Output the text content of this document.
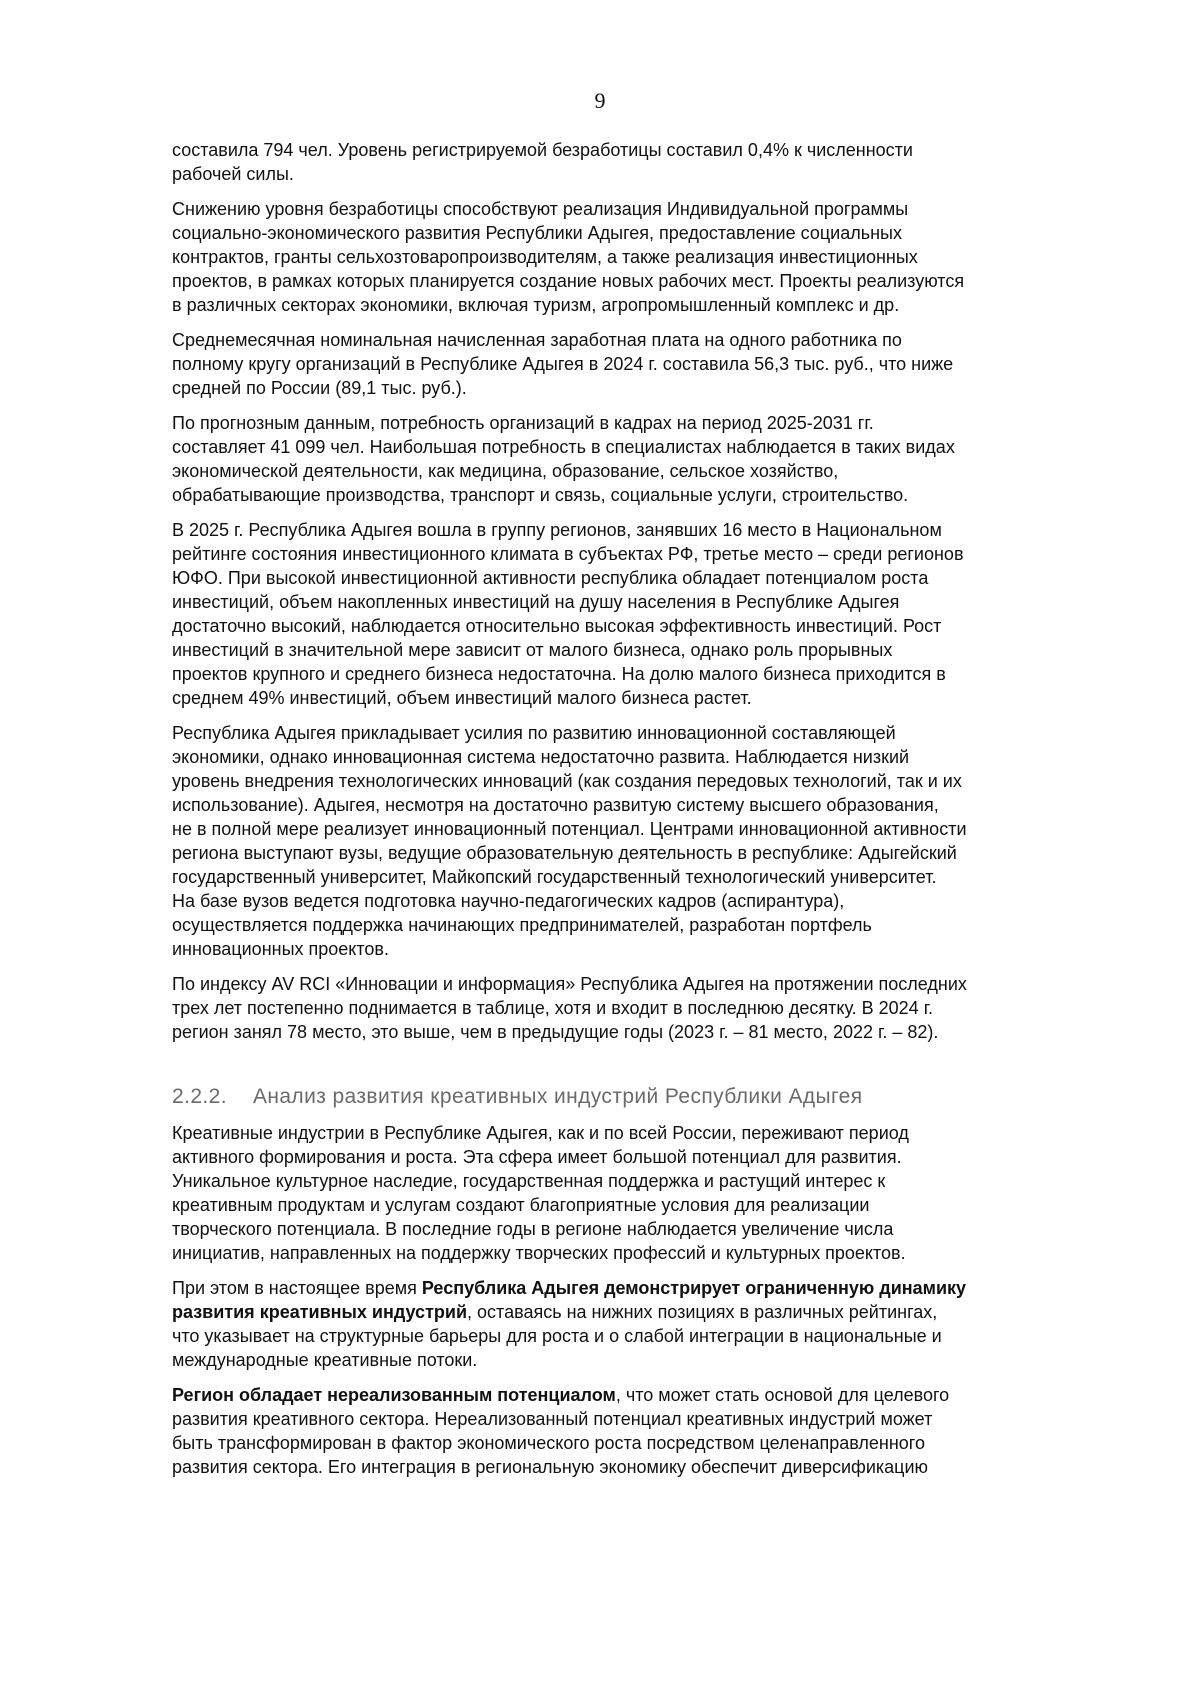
9

составила 794 чел. Уровень регистрируемой безработицы составил 0,4% к численности
рабочей силы.

Снижению уровня безработицы способствуют реализация Индивидуальной программы
социально-экономического развития Республики Адыгея, предоставление социальных
контрактов, гранты сельхозтоваропроизводителям, а также реализация инвестиционных
проектов, в рамках которых планируется создание новых рабочих мест. Проекты реализуются
в различных секторах экономики, включая туризм, агропромышленный комплекс и др.

Среднемесячная номинальная начисленная заработная плата на одного работника по
полному кругу организаций в Республике Адыгея в 2024 г. составила 56,3 тыс. руб., что ниже
средней по России (89,1 тыс. руб.).

По прогнозным данным, потребность организаций в кадрах на период 2025-2031 гг.
составляет 41 099 чел. Наибольшая потребность в специалистах наблюдается в таких видах
экономической деятельности, как медицина, образование, сельское хозяйство,
обрабатывающие производства, транспорт и связь, социальные услуги, строительство.

В 2025 г. Республика Адыгея вошла в группу регионов, занявших 16 место в Национальном
рейтинге состояния инвестиционного климата в субъектах РФ, третье место – среди регионов
ЮФО. При высокой инвестиционной активности республика обладает потенциалом роста
инвестиций, объем накопленных инвестиций на душу населения в Республике Адыгея
достаточно высокий, наблюдается относительно высокая эффективность инвестиций. Рост
инвестиций в значительной мере зависит от малого бизнеса, однако роль прорывных
проектов крупного и среднего бизнеса недостаточна. На долю малого бизнеса приходится в
среднем 49% инвестиций, объем инвестиций малого бизнеса растет.

Республика Адыгея прикладывает усилия по развитию инновационной составляющей
экономики, однако инновационная система недостаточно развита. Наблюдается низкий
уровень внедрения технологических инноваций (как создания передовых технологий, так и их
использование). Адыгея, несмотря на достаточно развитую систему высшего образования,
не в полной мере реализует инновационный потенциал. Центрами инновационной активности
региона выступают вузы, ведущие образовательную деятельность в республике: Адыгейский
государственный университет, Майкопский государственный технологический университет.
На базе вузов ведется подготовка научно-педагогических кадров (аспирантура),
осуществляется поддержка начинающих предпринимателей, разработан портфель
инновационных проектов.

По индексу AV RCI «Инновации и информация» Республика Адыгея на протяжении последних
трех лет постепенно поднимается в таблице, хотя и входит в последнюю десятку. В 2024 г.
регион занял 78 место, это выше, чем в предыдущие годы (2023 г. – 81 место, 2022 г. – 82).

2.2.2. Анализ развития креативных индустрий Республики Адыгея

Креативные индустрии в Республике Адыгея, как и по всей России, переживают период
активного формирования и роста. Эта сфера имеет большой потенциал для развития.
Уникальное культурное наследие, государственная поддержка и растущий интерес к
креативным продуктам и услугам создают благоприятные условия для реализации
творческого потенциала. В последние годы в регионе наблюдается увеличение числа
инициатив, направленных на поддержку творческих профессий и культурных проектов.

При этом в настоящее время Республика Адыгея демонстрирует ограниченную динамику
развития креативных индустрий, оставаясь на нижних позициях в различных рейтингах,
что указывает на структурные барьеры для роста и о слабой интеграции в национальные и
международные креативные потоки.

Регион обладает нереализованным потенциалом, что может стать основой для целевого
развития креативного сектора. Нереализованный потенциал креативных индустрий может
быть трансформирован в фактор экономического роста посредством целенаправленного
развития сектора. Его интеграция в региональную экономику обеспечит диверсификацию
